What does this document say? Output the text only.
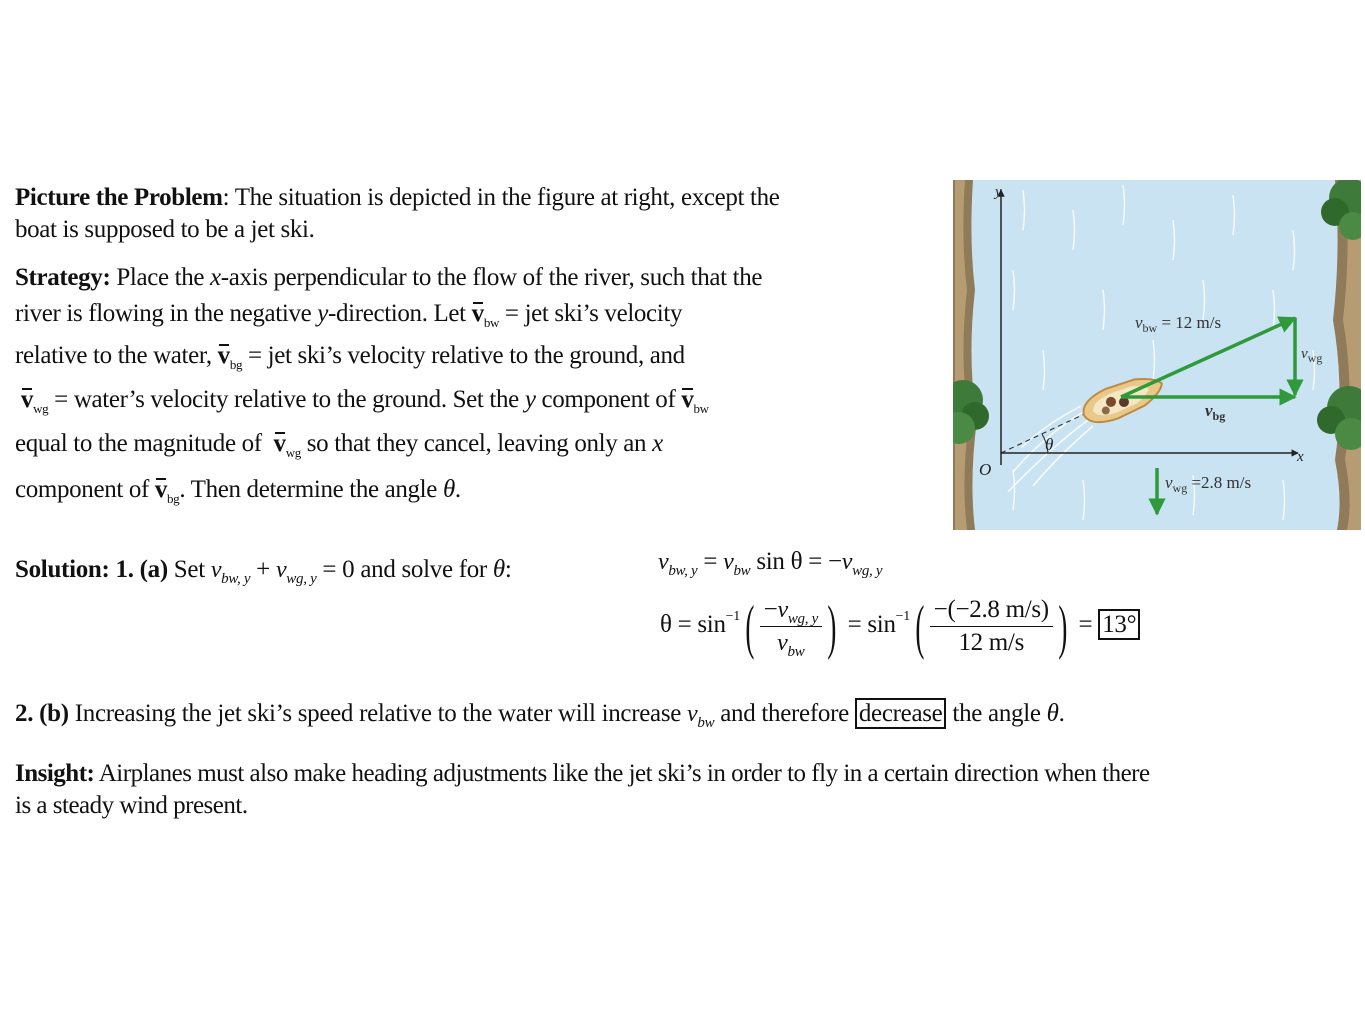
Picture the Problem: The situation is depicted in the figure at right, except the
boat is supposed to be a jet ski.

Strategy: Place the x-axis perpendicular to the flow of the river, such that the
river is flowing in the negative y-direction. Let $v_{bw}$ = jet ski’s velocity
relative to the water, $v_{bg}$ = jet ski’s velocity relative to the ground, and
$v_{wg}$ = water’s velocity relative to the ground. Set the y component of $v_{bw}$
equal to the magnitude of  $v_{wg}$ so that they cancel, leaving only an x
component of $v_{bg}$. Then determine the angle θ.
Solution: 1. (a) Set $v_{bw, y} + v_{wg, y} = 0$ and solve for θ:	$v_{bw, y} = v_{bw}$ $\sin \theta = -v_{wg, y}$
$\theta = \sin^{-1}( \frac{-v_{wg, y}}{v_{bw}}$ ) = $\sin^{-1}( \frac{-(-2.8 m/s)}{12 m/s}$ ) = 13°
2. (b) Increasing the jet ski’s speed relative to the water will increase $v_{bw}$ and therefore decrease the angle θ.

Insight: Airplanes must also make heading adjustments like the jet ski’s in order to fly in a certain direction when there
is a steady wind present.

y
x
O
θ
$v_{bw} = 12$ m/s
$v_{wg}$
$v_{bg}$
$v_{wg} =2.8$ m/s
